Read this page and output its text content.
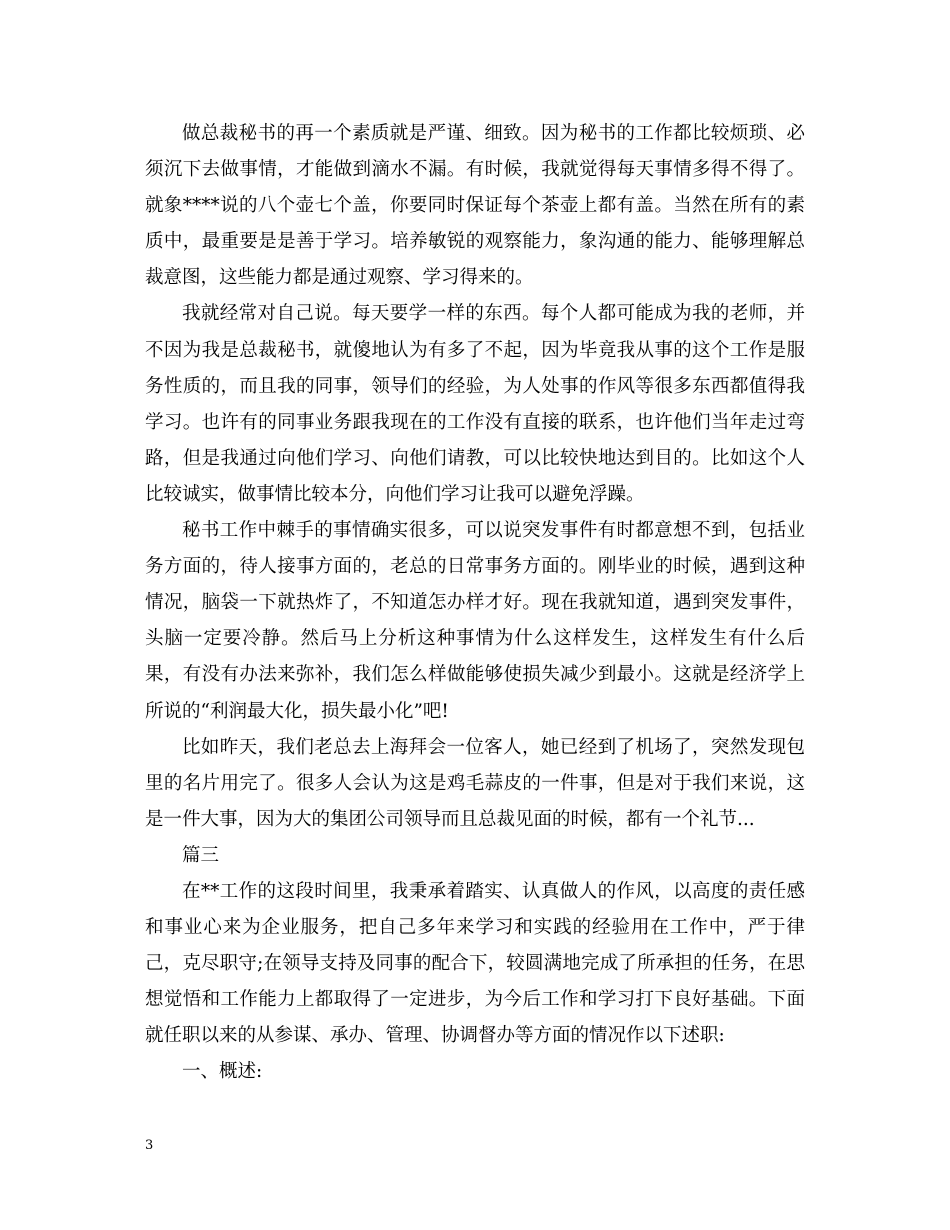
做总裁秘书的再一个素质就是严谨、细致。因为秘书的工作都比较烦琐、必须沉下去做事情，才能做到滴水不漏。有时候，我就觉得每天事情多得不得了。就象****说的八个壶七个盖，你要同时保证每个茶壶上都有盖。当然在所有的素质中，最重要是是善于学习。培养敏锐的观察能力，象沟通的能力、能够理解总裁意图，这些能力都是通过观察、学习得来的。

我就经常对自己说。每天要学一样的东西。每个人都可能成为我的老师，并不因为我是总裁秘书，就傻地认为有多了不起，因为毕竟我从事的这个工作是服务性质的，而且我的同事，领导们的经验，为人处事的作风等很多东西都值得我学习。也许有的同事业务跟我现在的工作没有直接的联系，也许他们当年走过弯路，但是我通过向他们学习、向他们请教，可以比较快地达到目的。比如这个人比较诚实，做事情比较本分，向他们学习让我可以避免浮躁。

秘书工作中棘手的事情确实很多，可以说突发事件有时都意想不到，包括业务方面的，待人接事方面的，老总的日常事务方面的。刚毕业的时候，遇到这种情况，脑袋一下就热炸了，不知道怎办样才好。现在我就知道，遇到突发事件，头脑一定要冷静。然后马上分析这种事情为什么这样发生，这样发生有什么后果，有没有办法来弥补，我们怎么样做能够使损失减少到最小。这就是经济学上所说的“利润最大化，损失最小化”吧!

比如昨天，我们老总去上海拜会一位客人，她已经到了机场了，突然发现包里的名片用完了。很多人会认为这是鸡毛蒜皮的一件事，但是对于我们来说，这是一件大事，因为大的集团公司领导而且总裁见面的时候，都有一个礼节...

篇三

在**工作的这段时间里，我秉承着踏实、认真做人的作风，以高度的责任感和事业心来为企业服务，把自己多年来学习和实践的经验用在工作中，严于律己，克尽职守;在领导支持及同事的配合下，较圆满地完成了所承担的任务，在思想觉悟和工作能力上都取得了一定进步，为今后工作和学习打下良好基础。下面就任职以来的从参谋、承办、管理、协调督办等方面的情况作以下述职:

一、概述:

3
